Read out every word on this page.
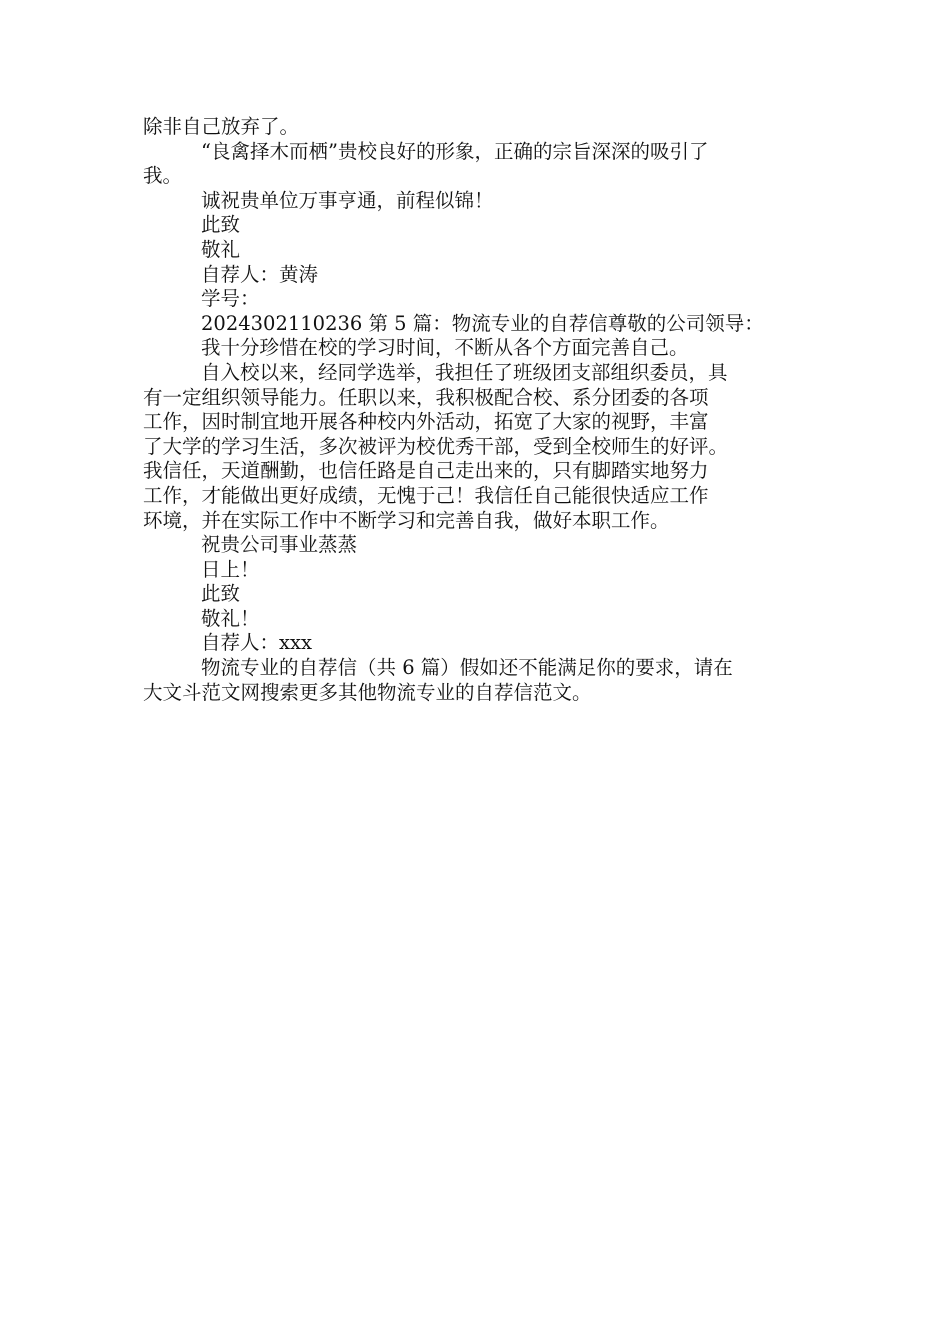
除非自己放弃了。
“良禽择木而栖”贵校良好的形象，正确的宗旨深深的吸引了
我。
诚祝贵单位万事亨通，前程似锦！
此致
敬礼
自荐人：黄涛
学号：
2024302110236 第 5 篇：物流专业的自荐信尊敬的公司领导：
我十分珍惜在校的学习时间，不断从各个方面完善自己。
自入校以来，经同学选举，我担任了班级团支部组织委员，具
有一定组织领导能力。任职以来，我积极配合校、系分团委的各项
工作，因时制宜地开展各种校内外活动，拓宽了大家的视野，丰富
了大学的学习生活，多次被评为校优秀干部，受到全校师生的好评。
我信任，天道酬勤，也信任路是自己走出来的，只有脚踏实地努力
工作，才能做出更好成绩，无愧于己！我信任自己能很快适应工作
环境，并在实际工作中不断学习和完善自我，做好本职工作。
祝贵公司事业蒸蒸
日上！
此致
敬礼！
自荐人：xxx
物流专业的自荐信（共 6 篇）假如还不能满足你的要求，请在
大文斗范文网搜索更多其他物流专业的自荐信范文。
